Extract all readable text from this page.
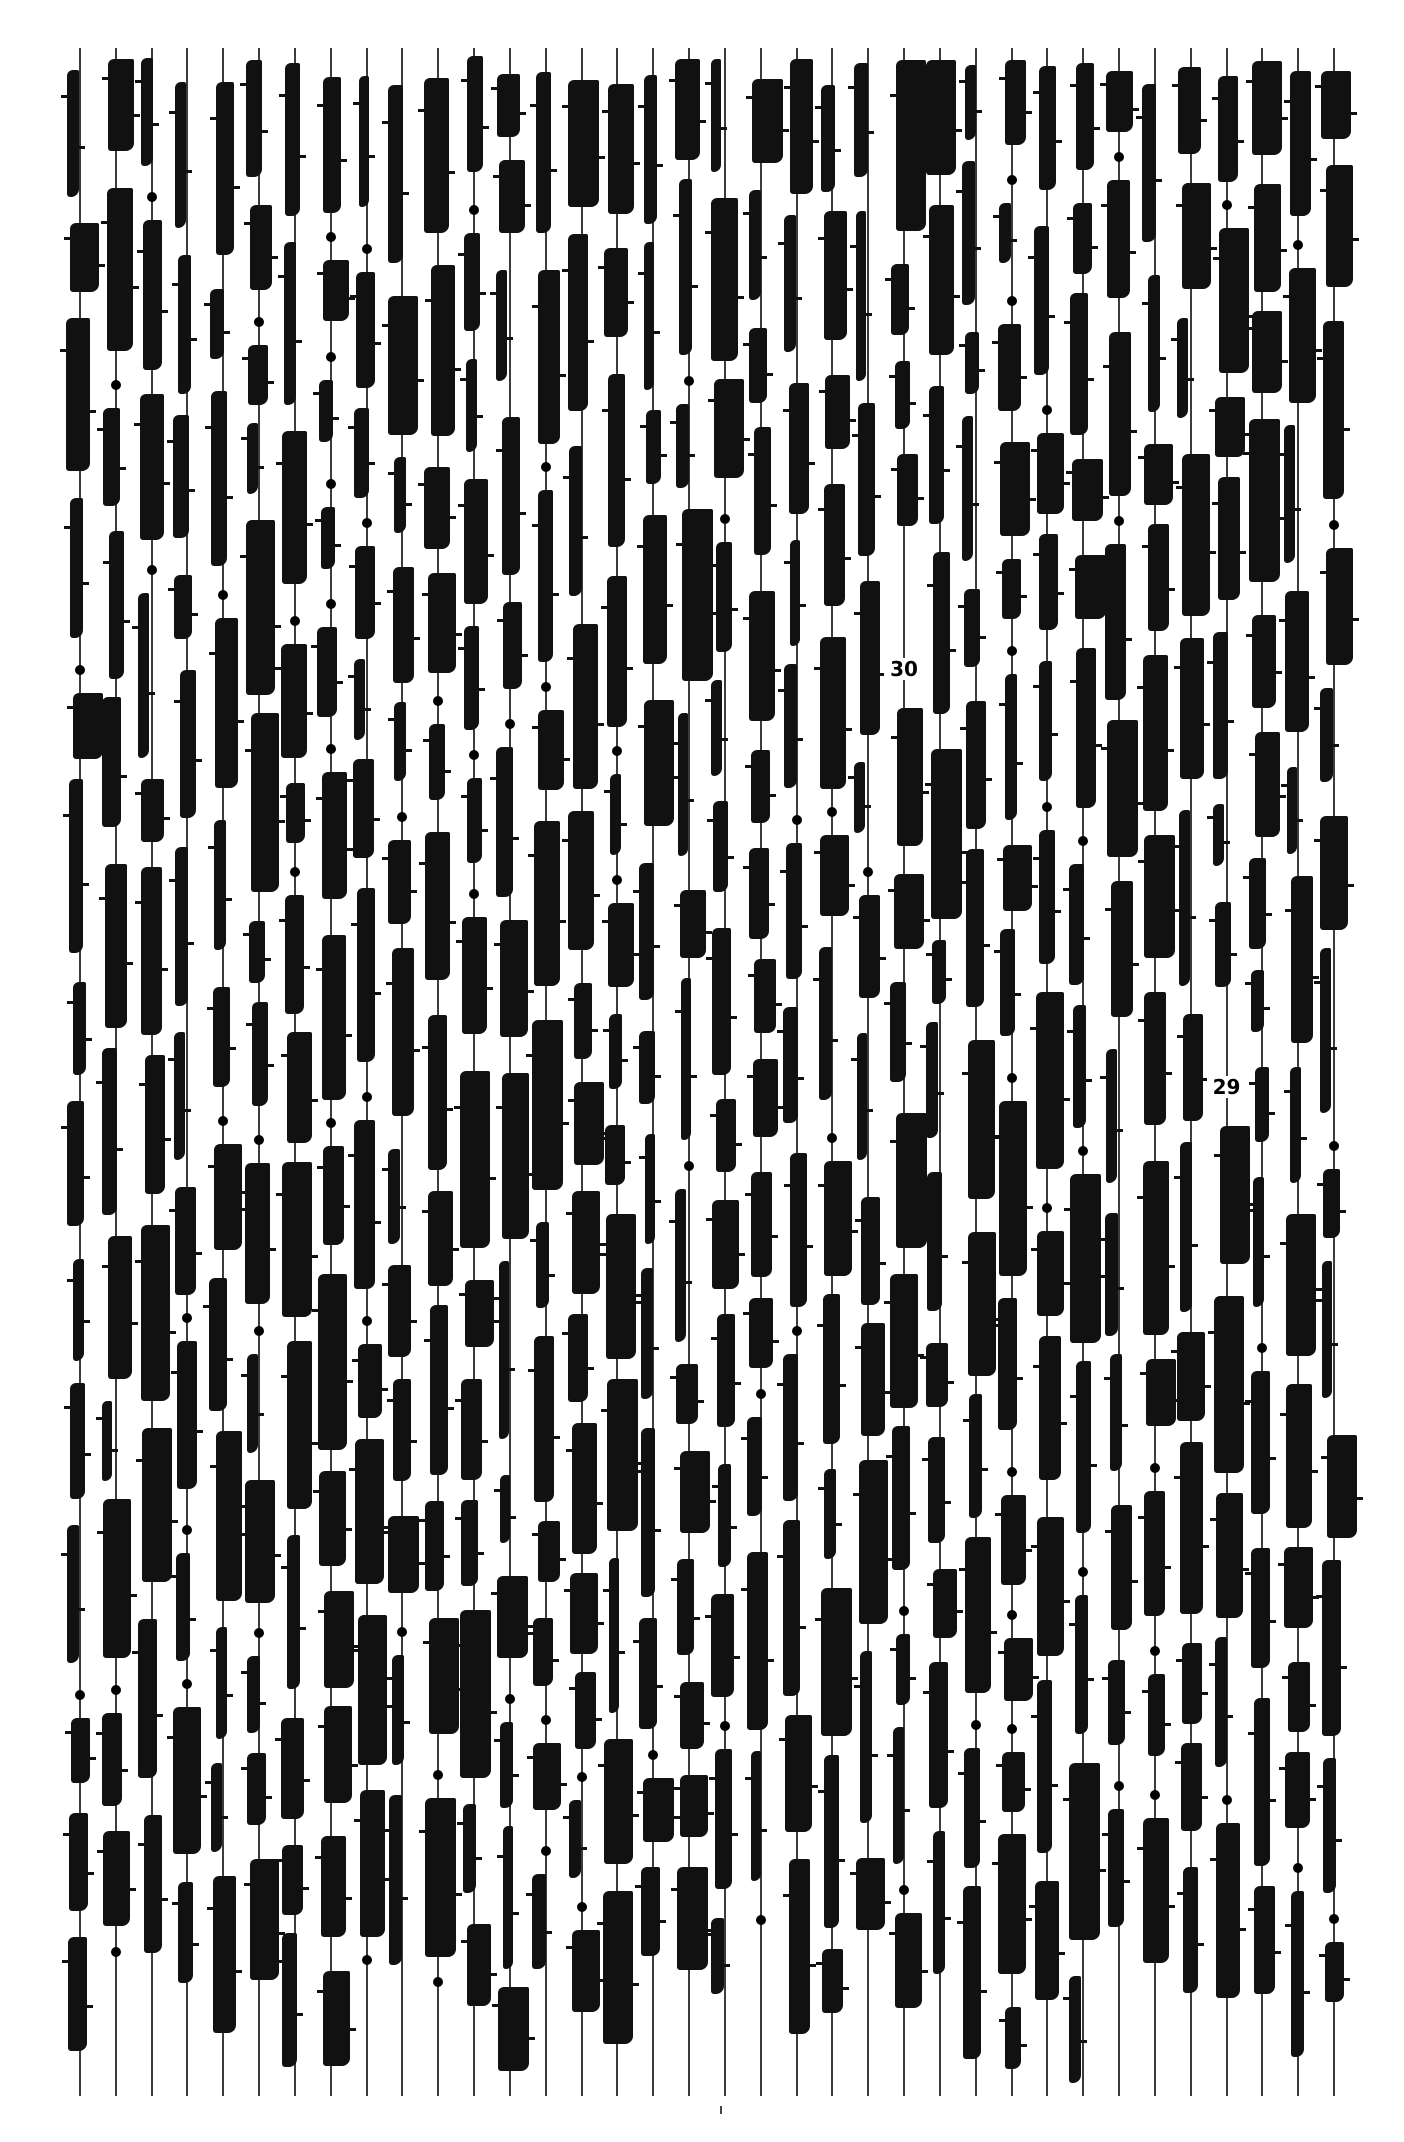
30
29
